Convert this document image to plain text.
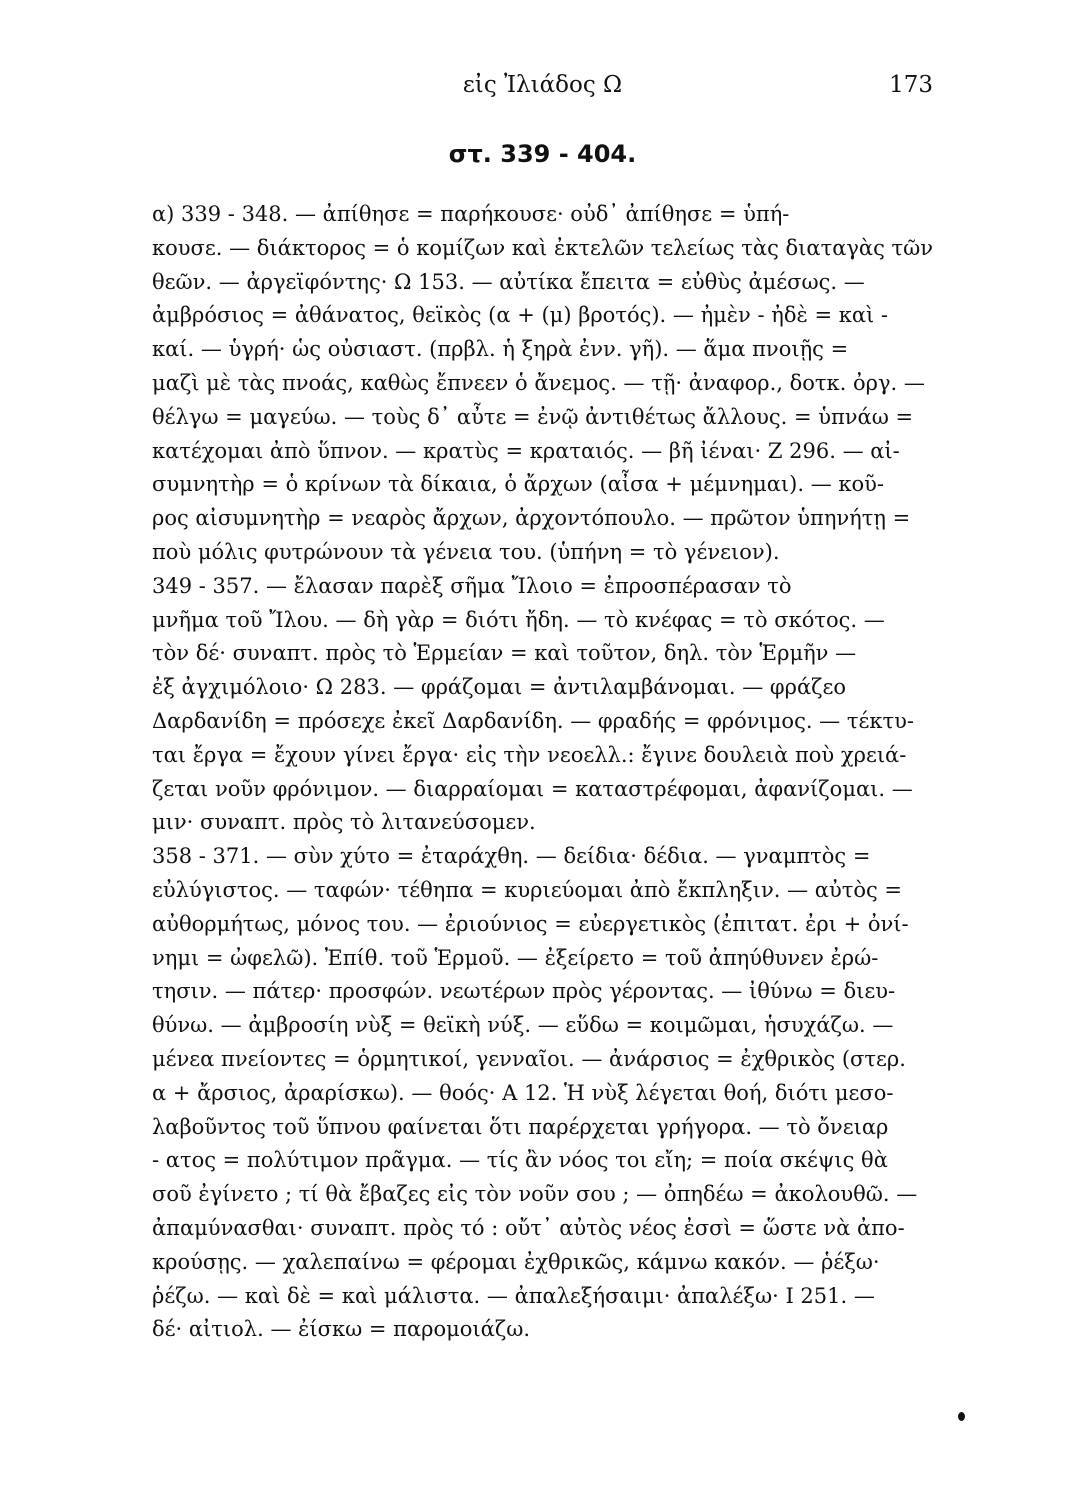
εἰς Ἰλιάδος Ω	173
στ. 339 - 404.
α) 339 - 348. — ἀπίθησε = παρήκουσε· οὐδ᾽ ἀπίθησε = ὑπή-
κουσε. — διάκτορος = ὁ κομίζων καὶ ἐκτελῶν τελείως τὰς διαταγὰς τῶν
θεῶν. — ἀργεϊφόντης· Ω 153. — αὐτίκα ἔπειτα = εὐθὺς ἀμέσως. —
ἀμβρόσιος = ἀθάνατος, θεϊκὸς (α + (μ) βροτός). — ἠμὲν - ἠδὲ = καὶ -
καί. — ὑγρή· ὡς οὐσιαστ. (πρβλ. ἡ ξηρὰ ἐνν. γῆ). — ἅμα πνοιῇς =
μαζὶ μὲ τὰς πνοάς, καθὼς ἔπνεεν ὁ ἄνεμος. — τῇ· ἀναφορ., δοτκ. ὀργ. —
θέλγω = μαγεύω. — τοὺς δ᾽ αὖτε = ἐνῷ ἀντιθέτως ἄλλους. = ὑπνάω =
κατέχομαι ἀπὸ ὕπνον. — κρατὺς = κραταιός. — βῆ ἰέναι· Ζ 296. — αἰ-
συμνητὴρ = ὁ κρίνων τὰ δίκαια, ὁ ἄρχων (αἶσα + μέμνημαι). — κοῦ-
ρος αἰσυμνητὴρ = νεαρὸς ἄρχων, ἀρχοντόπουλο. — πρῶτον ὑπηνήτῃ =
ποὺ μόλις φυτρώνουν τὰ γένεια του. (ὑπήνη = τὸ γένειον).
349 - 357. — ἔλασαν παρὲξ σῆμα Ἴλοιο = ἐπροσπέρασαν τὸ
μνῆμα τοῦ Ἴλου. — δὴ γὰρ = διότι ἤδη. — τὸ κνέφας = τὸ σκότος. —
τὸν δέ· συναπτ. πρὸς τὸ Ἑρμείαν = καὶ τοῦτον, δηλ. τὸν Ἑρμῆν —
ἐξ ἀγχιμόλοιο· Ω 283. — φράζομαι = ἀντιλαμβάνομαι. — φράζεο
Δαρδανίδη = πρόσεχε ἐκεῖ Δαρδανίδη. — φραδής = φρόνιμος. — τέκτυ-
ται ἔργα = ἔχουν γίνει ἔργα· εἰς τὴν νεοελλ.: ἔγινε δουλειὰ ποὺ χρειά-
ζεται νοῦν φρόνιμον. — διαρραίομαι = καταστρέφομαι, ἀφανίζομαι. —
μιν· συναπτ. πρὸς τὸ λιτανεύσομεν.
358 - 371. — σὺν χύτο = ἐταράχθη. — δείδια· δέδια. — γναμπτὸς =
εὐλύγιστος. — ταφών· τέθηπα = κυριεύομαι ἀπὸ ἔκπληξιν. — αὐτὸς =
αὐθορμήτως, μόνος του. — ἐριούνιος = εὐεργετικὸς (ἐπιτατ. ἐρι + ὀνί-
νημι = ὠφελῶ). Ἐπίθ. τοῦ Ἑρμοῦ. — ἐξείρετο = τοῦ ἀπηύθυνεν ἐρώ-
τησιν. — πάτερ· προσφών. νεωτέρων πρὸς γέροντας. — ἰθύνω = διευ-
θύνω. — ἀμβροσίη νὺξ = θεϊκὴ νύξ. — εὕδω = κοιμῶμαι, ἡσυχάζω. —
μένεα πνείοντες = ὁρμητικοί, γενναῖοι. — ἀνάρσιος = ἐχθρικὸς (στερ.
α + ἄρσιος, ἀραρίσκω). — θοός· Α 12. Ἡ νὺξ λέγεται θοή, διότι μεσο-
λαβοῦντος τοῦ ὕπνου φαίνεται ὅτι παρέρχεται γρήγορα. — τὸ ὄνειαρ
- ατος = πολύτιμον πρᾶγμα. — τίς ἂν νόος τοι εἴη; = ποία σκέψις θὰ
σοῦ ἐγίνετο ; τί θὰ ἔβαζες εἰς τὸν νοῦν σου ; — ὀπηδέω = ἀκολουθῶ. —
ἀπαμύνασθαι· συναπτ. πρὸς τό : οὔτ᾽ αὐτὸς νέος ἐσσὶ = ὥστε νὰ ἀπο-
κρούσῃς. — χαλεπαίνω = φέρομαι ἐχθρικῶς, κάμνω κακόν. — ῥέξω·
ῥέζω. — καὶ δὲ = καὶ μάλιστα. — ἀπαλεξήσαιμι· ἀπαλέξω· Ι 251. —
δέ· αἰτιολ. — ἐίσκω = παρομοιάζω.
